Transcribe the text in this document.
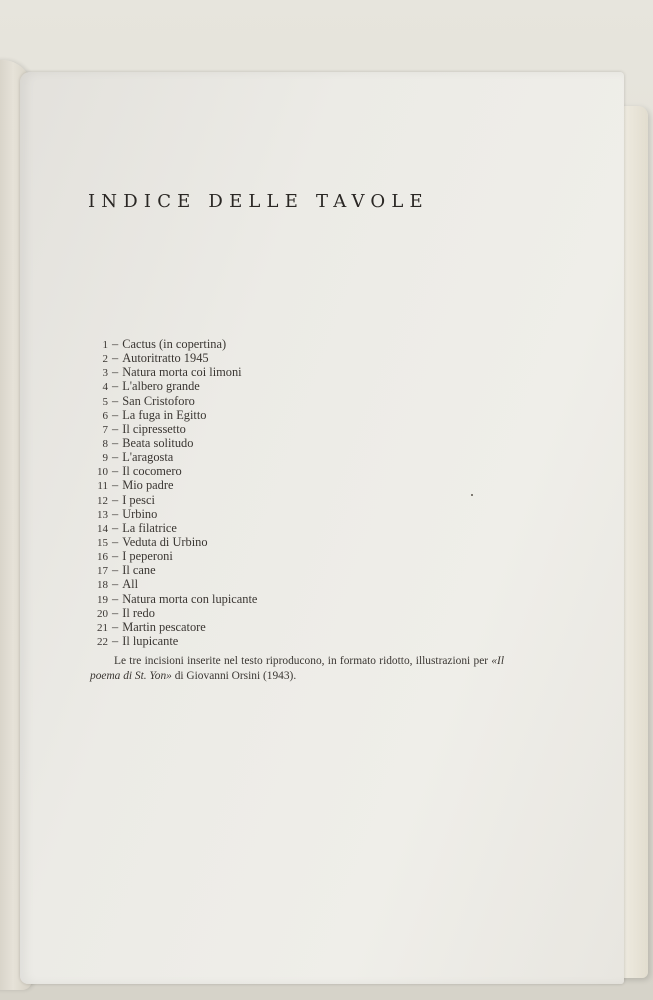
INDICE DELLE TAVOLE
1 – Cactus (in copertina)
2 – Autoritratto 1945
3 – Natura morta coi limoni
4 – L'albero grande
5 – San Cristoforo
6 – La fuga in Egitto
7 – Il cipressetto
8 – Beata solitudo
9 – L'aragosta
10 – Il cocomero
11 – Mio padre
12 – I pesci
13 – Urbino
14 – La filatrice
15 – Veduta di Urbino
16 – I peperoni
17 – Il cane
18 – All
19 – Natura morta con lupicante
20 – Il redo
21 – Martin pescatore
22 – Il lupicante

Le tre incisioni inserite nel testo riproducono, in formato ridotto, illustrazioni per «Il poema di St. Yon» di Giovanni Orsini (1943).
